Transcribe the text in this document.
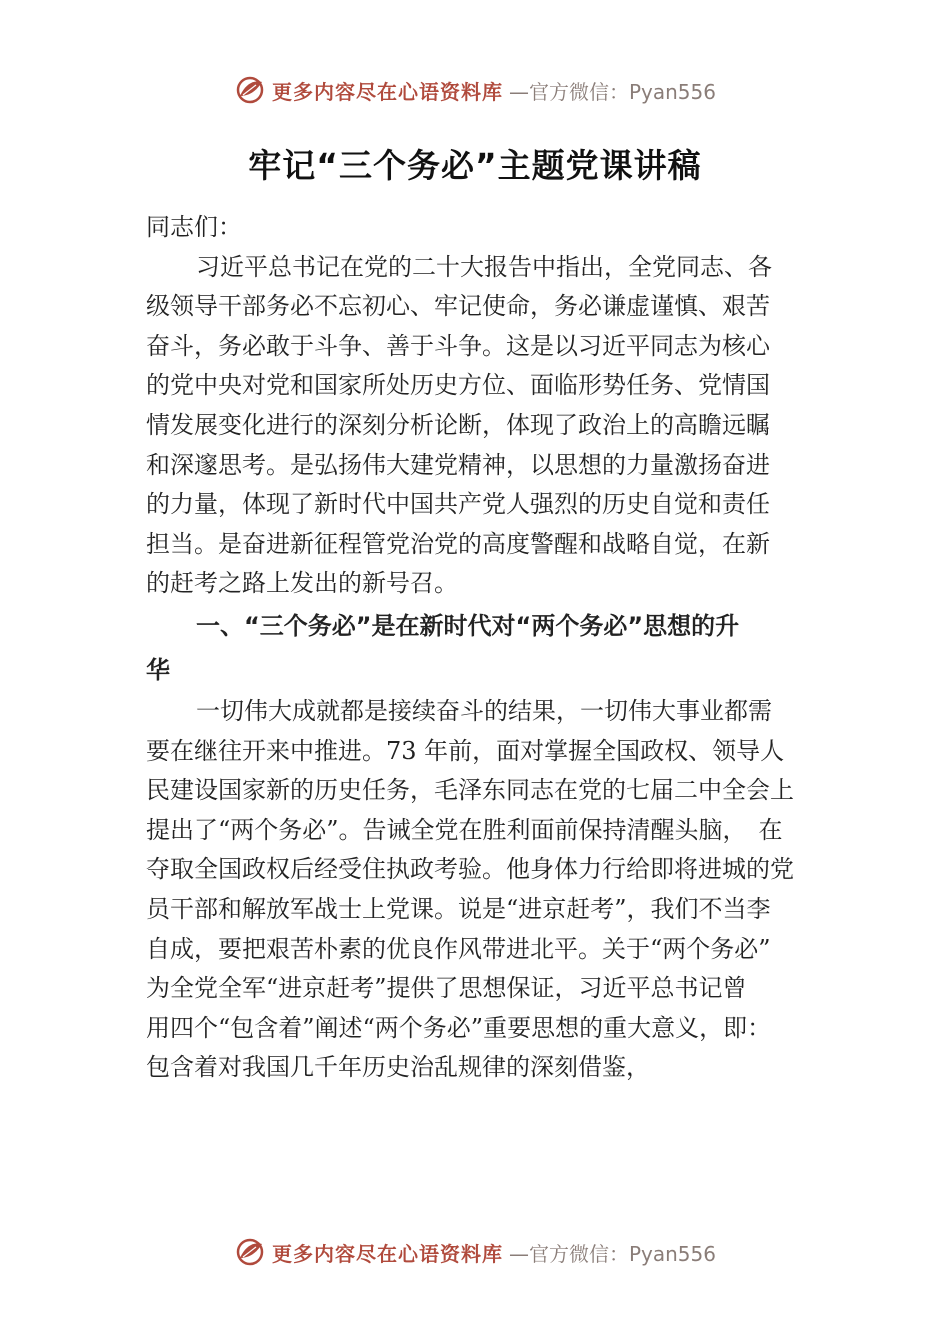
更多内容尽在心语资料库 —官方微信：Pyan556
牢记“三个务必”主题党课讲稿
同志们：
习近平总书记在党的二十大报告中指出，全党同志、各
级领导干部务必不忘初心、牢记使命，务必谦虚谨慎、艰苦
奋斗，务必敢于斗争、善于斗争。这是以习近平同志为核心
的党中央对党和国家所处历史方位、面临形势任务、党情国
情发展变化进行的深刻分析论断，体现了政治上的高瞻远瞩
和深邃思考。是弘扬伟大建党精神，以思想的力量激扬奋进
的力量，体现了新时代中国共产党人强烈的历史自觉和责任
担当。是奋进新征程管党治党的高度警醒和战略自觉，在新
的赶考之路上发出的新号召。
一、“三个务必”是在新时代对“两个务必”思想的升
华
一切伟大成就都是接续奋斗的结果，一切伟大事业都需
要在继往开来中推进。73 年前，面对掌握全国政权、领导人
民建设国家新的历史任务，毛泽东同志在党的七届二中全会上
提出了“两个务必”。告诫全党在胜利面前保持清醒头脑，　在
夺取全国政权后经受住执政考验。他身体力行给即将进城的党
员干部和解放军战士上党课。说是“进京赶考”，我们不当李
自成，要把艰苦朴素的优良作风带进北平。关于“两个务必”
为全党全军“进京赶考”提供了思想保证，习近平总书记曾
用四个“包含着”阐述“两个务必”重要思想的重大意义，即：
包含着对我国几千年历史治乱规律的深刻借鉴，
更多内容尽在心语资料库 —官方微信：Pyan556
